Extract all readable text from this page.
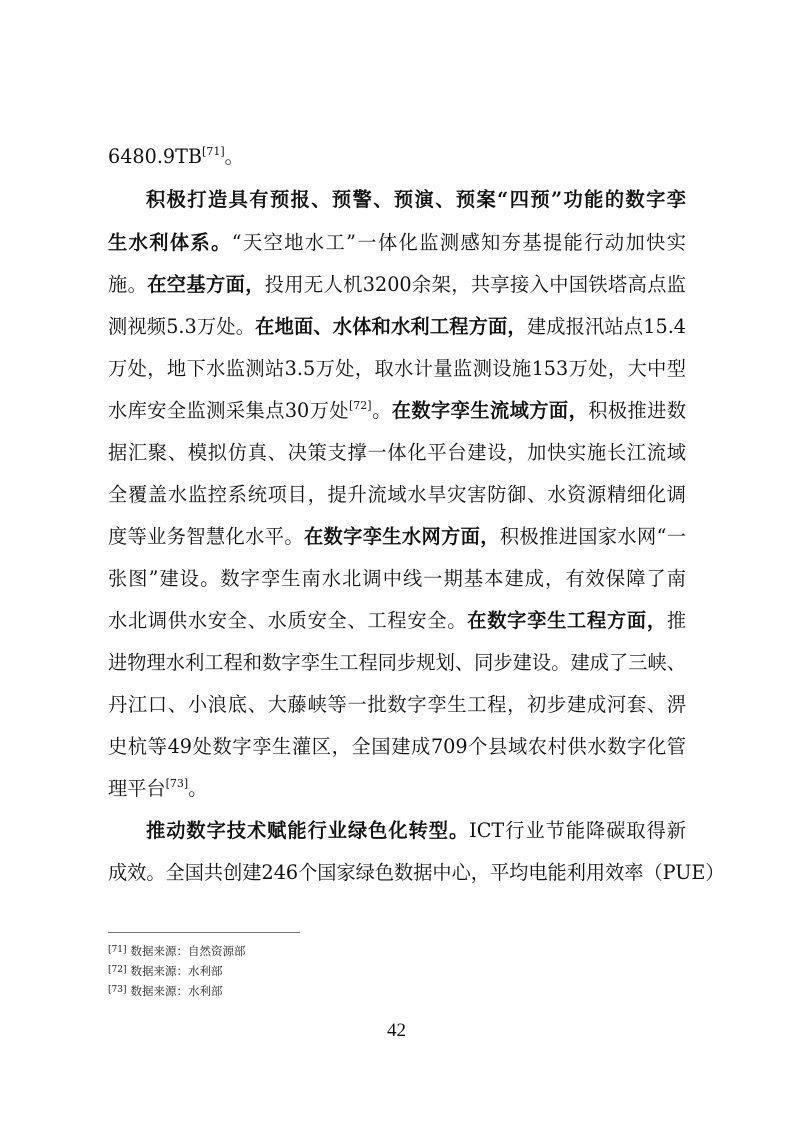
6480.9TB[71]。
积极打造具有预报、预警、预演、预案“四预”功能的数字孪
生水利体系。“天空地水工”一体化监测感知夯基提能行动加快实
施。在空基方面，投用无人机3200余架，共享接入中国铁塔高点监
测视频5.3万处。在地面、水体和水利工程方面，建成报汛站点15.4
万处，地下水监测站3.5万处，取水计量监测设施153万处，大中型
水库安全监测采集点30万处[72]。在数字孪生流域方面，积极推进数
据汇聚、模拟仿真、决策支撑一体化平台建设，加快实施长江流域
全覆盖水监控系统项目，提升流域水旱灾害防御、水资源精细化调
度等业务智慧化水平。在数字孪生水网方面，积极推进国家水网“一
张图”建设。数字孪生南水北调中线一期基本建成，有效保障了南
水北调供水安全、水质安全、工程安全。在数字孪生工程方面，推
进物理水利工程和数字孪生工程同步规划、同步建设。建成了三峡、
丹江口、小浪底、大藤峡等一批数字孪生工程，初步建成河套、淠
史杭等49处数字孪生灌区，全国建成709个县域农村供水数字化管
理平台[73]。
推动数字技术赋能行业绿色化转型。ICT行业节能降碳取得新
成效。全国共创建246个国家绿色数据中心，平均电能利用效率（PUE）
[71] 数据来源：自然资源部
[72] 数据来源：水利部
[73] 数据来源：水利部
42
